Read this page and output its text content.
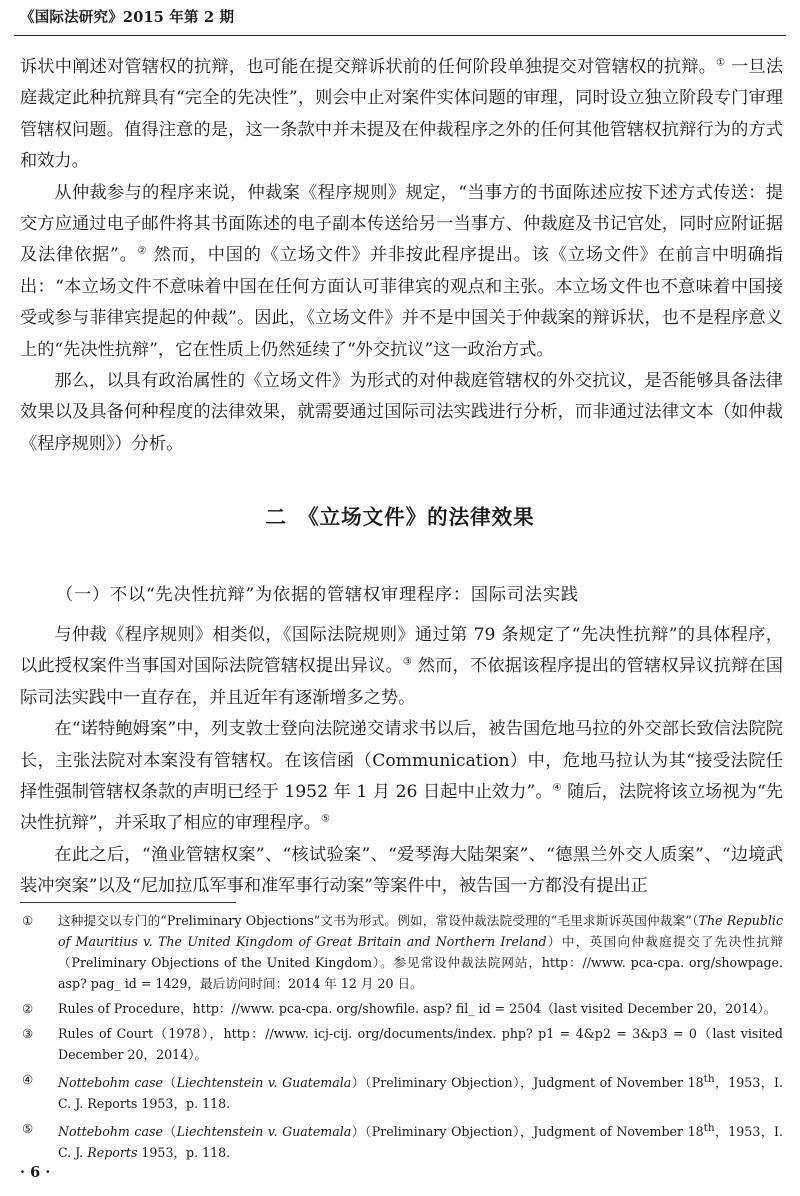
《国际法研究》2015 年第 2 期

诉状中阐述对管辖权的抗辩，也可能在提交辩诉状前的任何阶段单独提交对管辖权的抗辩。① 一旦法庭裁定此种抗辩具有“完全的先决性”，则会中止对案件实体问题的审理，同时设立独立阶段专门审理管辖权问题。值得注意的是，这一条款中并未提及在仲裁程序之外的任何其他管辖权抗辩行为的方式和效力。

从仲裁参与的程序来说，仲裁案《程序规则》规定，“当事方的书面陈述应按下述方式传送：提交方应通过电子邮件将其书面陈述的电子副本传送给另一当事方、仲裁庭及书记官处，同时应附证据及法律依据”。② 然而，中国的《立场文件》并非按此程序提出。该《立场文件》在前言中明确指出：“本立场文件不意味着中国在任何方面认可菲律宾的观点和主张。本立场文件也不意味着中国接受或参与菲律宾提起的仲裁”。因此，《立场文件》并不是中国关于仲裁案的辩诉状，也不是程序意义上的“先决性抗辩”，它在性质上仍然延续了“外交抗议”这一政治方式。

那么，以具有政治属性的《立场文件》为形式的对仲裁庭管辖权的外交抗议，是否能够具备法律效果以及具备何种程度的法律效果，就需要通过国际司法实践进行分析，而非通过法律文本（如仲裁《程序规则》）分析。

二　《立场文件》的法律效果
（一）不以“先决性抗辩”为依据的管辖权审理程序：国际司法实践

与仲裁《程序规则》相类似，《国际法院规则》通过第 79 条规定了“先决性抗辩”的具体程序，以此授权案件当事国对国际法院管辖权提出异议。③ 然而，不依据该程序提出的管辖权异议抗辩在国际司法实践中一直存在，并且近年有逐渐增多之势。

在“诺特鲍姆案”中，列支敦士登向法院递交请求书以后，被告国危地马拉的外交部长致信法院院长，主张法院对本案没有管辖权。在该信函（Communication）中，危地马拉认为其“接受法院任择性强制管辖权条款的声明已经于 1952 年 1 月 26 日起中止效力”。④ 随后，法院将该立场视为“先决性抗辩”，并采取了相应的审理程序。⑤

在此之后，“渔业管辖权案”、“核试验案”、“爱琴海大陆架案”、“德黑兰外交人质案”、“边境武装冲突案”以及“尼加拉瓜军事和准军事行动案”等案件中，被告国一方都没有提出正

①	这种提交以专门的“Preliminary Objections”文书为形式。例如，常设仲裁法院受理的“毛里求斯诉英国仲裁案”（The Republic of Mauritius v. The United Kingdom of Great Britain and Northern Ireland）中，英国向仲裁庭提交了先决性抗辩（Preliminary Objections of the United Kingdom）。参见常设仲裁法院网站，http：//www. pca-cpa. org/showpage. asp? pag_ id = 1429，最后访问时间：2014 年 12 月 20 日。
②	Rules of Procedure，http：//www. pca-cpa. org/showfile. asp? fil_ id = 2504（last visited December 20，2014）。
③	Rules of Court（1978），http：//www. icj-cij. org/documents/index. php? p1 = 4&p2 = 3&p3 = 0（last visited December 20，2014）。
④	Nottebohm case（Liechtenstein v. Guatemala）（Preliminary Objection），Judgment of November 18th，1953，I. C. J. Reports 1953，p. 118.
⑤	Nottebohm case（Liechtenstein v. Guatemala）（Preliminary Objection），Judgment of November 18th，1953，I. C. J. Reports 1953，p. 118.
· 6 ·
